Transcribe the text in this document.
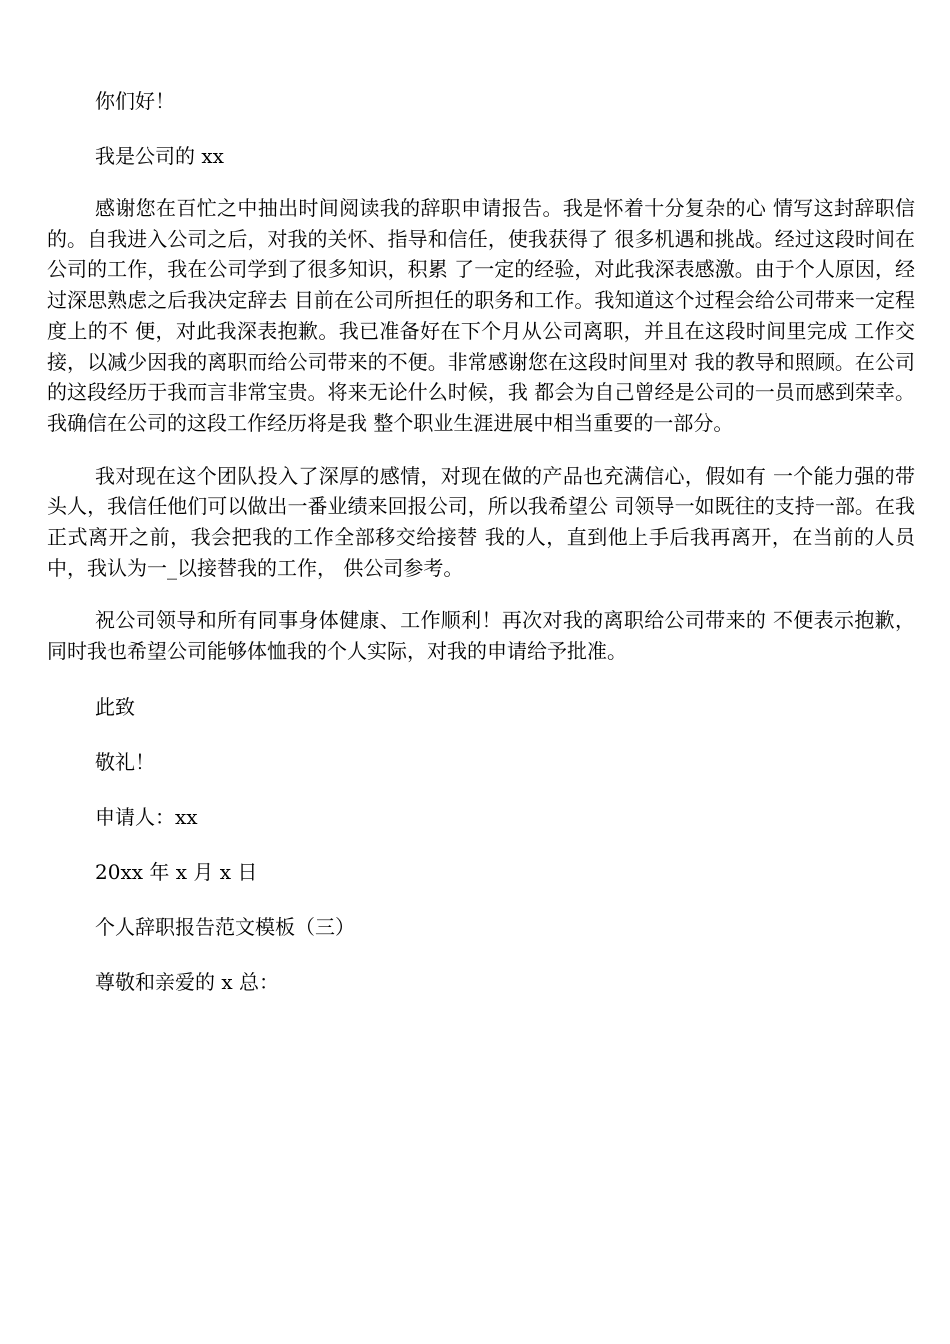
你们好！

我是公司的 xx

感谢您在百忙之中抽出时间阅读我的辞职申请报告。我是怀着十分复杂的心 情写这封辞职信的。自我进入公司之后，对我的关怀、指导和信任，使我获得了 很多机遇和挑战。经过这段时间在公司的工作，我在公司学到了很多知识，积累 了一定的经验，对此我深表感激。由于个人原因，经过深思熟虑之后我决定辞去 目前在公司所担任的职务和工作。我知道这个过程会给公司带来一定程度上的不 便，对此我深表抱歉。我已准备好在下个月从公司离职，并且在这段时间里完成 工作交接，以减少因我的离职而给公司带来的不便。非常感谢您在这段时间里对 我的教导和照顾。在公司的这段经历于我而言非常宝贵。将来无论什么时候，我 都会为自己曾经是公司的一员而感到荣幸。我确信在公司的这段工作经历将是我 整个职业生涯进展中相当重要的一部分。

我对现在这个团队投入了深厚的感情，对现在做的产品也充满信心，假如有 一个能力强的带头人，我信任他们可以做出一番业绩来回报公司，所以我希望公 司领导一如既往的支持一部。在我正式离开之前，我会把我的工作全部移交给接替 我的人，直到他上手后我再离开，在当前的人员中，我认为一_以接替我的工作， 供公司参考。

祝公司领导和所有同事身体健康、工作顺利！再次对我的离职给公司带来的 不便表示抱歉，同时我也希望公司能够体恤我的个人实际，对我的申请给予批准。

此致

敬礼！

申请人：xx

20xx 年 x 月 x 日

个人辞职报告范文模板（三）

尊敬和亲爱的 x 总：
